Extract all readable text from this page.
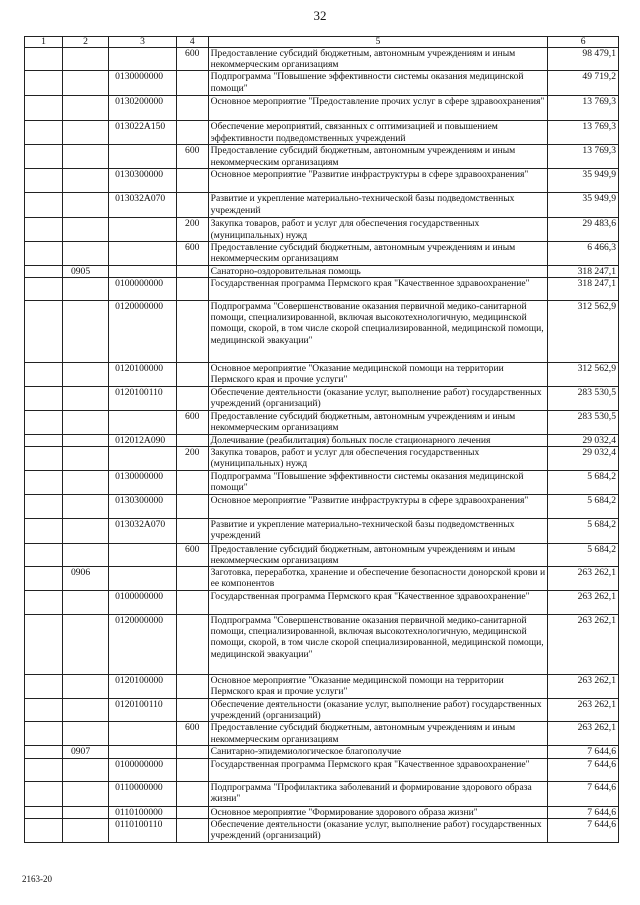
32
1	2	3	4	5	6
			600	Предоставление субсидий бюджетным, автономным учреждениям и иным некоммерческим организациям	98 479,1
		0130000000		Подпрограмма "Повышение эффективности системы оказания медицинской помощи"	49 719,2
		0130200000		Основное мероприятие "Предоставление прочих услуг в сфере здравоохранения"	13 769,3
		013022А150		Обеспечение мероприятий, связанных с оптимизацией и повышением эффективности подведомственных учреждений	13 769,3
			600	Предоставление субсидий бюджетным, автономным учреждениям и иным некоммерческим организациям	13 769,3
		0130300000		Основное мероприятие "Развитие инфраструктуры в сфере здравоохранения"	35 949,9
		013032А070		Развитие и укрепление материально-технической базы подведомственных учреждений	35 949,9
			200	Закупка товаров, работ и услуг для обеспечения государственных (муниципальных) нужд	29 483,6
			600	Предоставление субсидий бюджетным, автономным учреждениям и иным некоммерческим организациям	6 466,3
	0905			Санаторно-оздоровительная помощь	318 247,1
		0100000000		Государственная программа Пермского края "Качественное здравоохранение"	318 247,1
		0120000000		Подпрограмма "Совершенствование оказания первичной медико-санитарной помощи, специализированной, включая высокотехнологичную, медицинской помощи, скорой, в том числе скорой специализированной, медицинской помощи, медицинской эвакуации"	312 562,9
		0120100000		Основное мероприятие "Оказание медицинской помощи на территории Пермского края и прочие услуги"	312 562,9
		0120100110		Обеспечение деятельности (оказание услуг, выполнение работ) государственных учреждений (организаций)	283 530,5
			600	Предоставление субсидий бюджетным, автономным учреждениям и иным некоммерческим организациям	283 530,5
		012012А090		Долечивание (реабилитация) больных после стационарного лечения	29 032,4
			200	Закупка товаров, работ и услуг для обеспечения государственных (муниципальных) нужд	29 032,4
		0130000000		Подпрограмма "Повышение эффективности системы оказания медицинской помощи"	5 684,2
		0130300000		Основное мероприятие "Развитие инфраструктуры в сфере здравоохранения"	5 684,2
		013032А070		Развитие и укрепление материально-технической базы подведомственных учреждений	5 684,2
			600	Предоставление субсидий бюджетным, автономным учреждениям и иным некоммерческим организациям	5 684,2
	0906			Заготовка, переработка, хранение и обеспечение безопасности донорской крови и ее компонентов	263 262,1
		0100000000		Государственная программа Пермского края "Качественное здравоохранение"	263 262,1
		0120000000		Подпрограмма "Совершенствование оказания первичной медико-санитарной помощи, специализированной, включая высокотехнологичную, медицинской помощи, скорой, в том числе скорой специализированной, медицинской помощи, медицинской эвакуации"	263 262,1
		0120100000		Основное мероприятие "Оказание медицинской помощи на территории Пермского края и прочие услуги"	263 262,1
		0120100110		Обеспечение деятельности (оказание услуг, выполнение работ) государственных учреждений (организаций)	263 262,1
			600	Предоставление субсидий бюджетным, автономным учреждениям и иным некоммерческим организациям	263 262,1
	0907			Санитарно-эпидемиологическое благополучие	7 644,6
		0100000000		Государственная программа Пермского края "Качественное здравоохранение"	7 644,6
		0110000000		Подпрограмма "Профилактика заболеваний и формирование здорового образа жизни"	7 644,6
		0110100000		Основное мероприятие "Формирование здорового образа жизни"	7 644,6
		0110100110		Обеспечение деятельности (оказание услуг, выполнение работ) государственных учреждений (организаций)	7 644,6
2163-20
